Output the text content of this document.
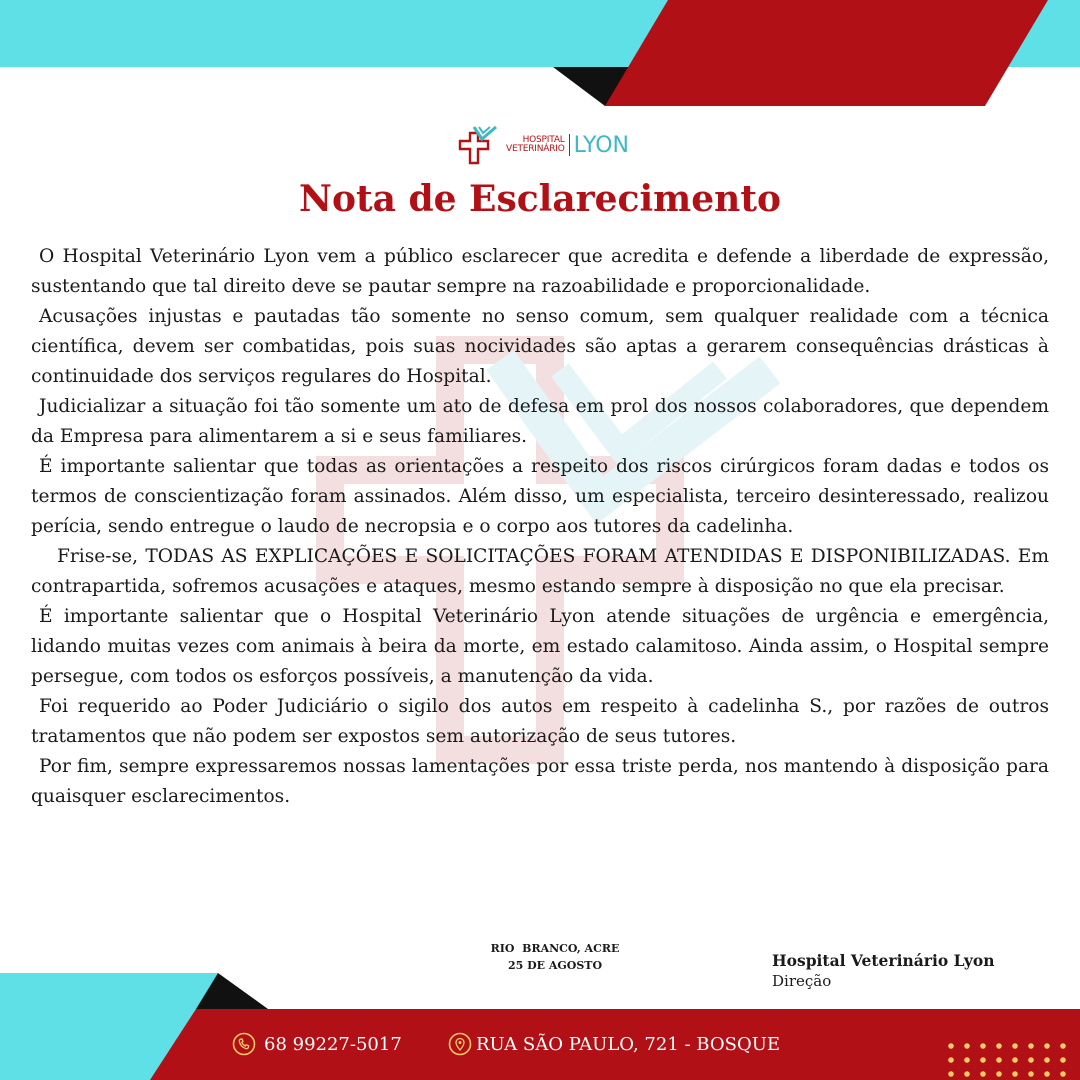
HOSPITAL
VETERINÁRIO LYON
Nota de Esclarecimento

O Hospital Veterinário Lyon vem a público esclarecer que acredita e defende a liberdade de expressão, sustentando que tal direito deve se pautar sempre na razoabilidade e proporcionalidade.

Acusações injustas e pautadas tão somente no senso comum, sem qualquer realidade com a técnica científica, devem ser combatidas, pois suas nocividades são aptas a gerarem consequências drásticas à continuidade dos serviços regulares do Hospital.

Judicializar a situação foi tão somente um ato de defesa em prol dos nossos colaboradores, que dependem da Empresa para alimentarem a si e seus familiares.

É importante salientar que todas as orientações a respeito dos riscos cirúrgicos foram dadas e todos os termos de conscientização foram assinados. Além disso, um especialista, terceiro desinteressado, realizou perícia, sendo entregue o laudo de necropsia e o corpo aos tutores da cadelinha.

Frise-se, TODAS AS EXPLICAÇÕES E SOLICITAÇÕES FORAM ATENDIDAS E DISPONIBILIZADAS. Em contrapartida, sofremos acusações e ataques, mesmo estando sempre à disposição no que ela precisar.

É importante salientar que o Hospital Veterinário Lyon atende situações de urgência e emergência, lidando muitas vezes com animais à beira da morte, em estado calamitoso. Ainda assim, o Hospital sempre persegue, com todos os esforços possíveis, a manutenção da vida.

Foi requerido ao Poder Judiciário o sigilo dos autos em respeito à cadelinha S., por razões de outros tratamentos que não podem ser expostos sem autorização de seus tutores.

Por fim, sempre expressaremos nossas lamentações por essa triste perda, nos mantendo à disposição para quaisquer esclarecimentos.

RIO  BRANCO, ACRE
25 DE AGOSTO	Hospital Veterinário Lyon
Direção
68 99227-5017	RUA SÃO PAULO, 721 - BOSQUE
